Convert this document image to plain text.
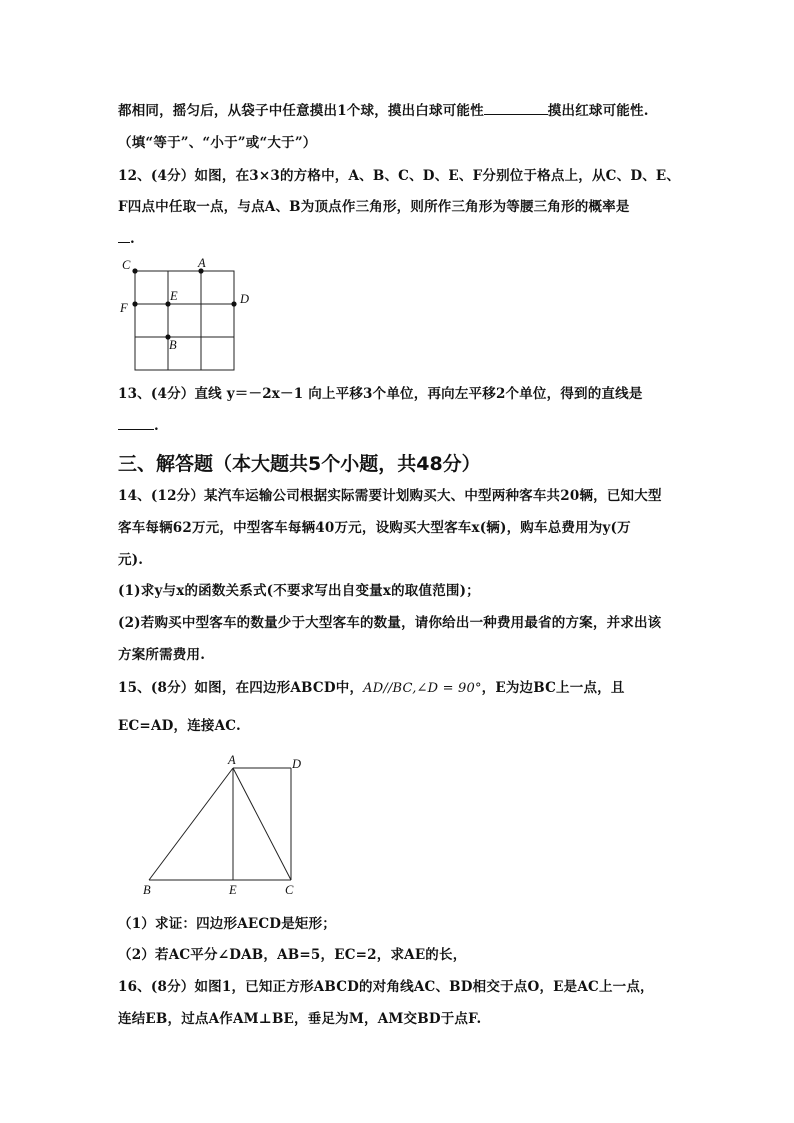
都相同，摇匀后，从袋子中任意摸出1个球，摸出白球可能性	摸出红球可能性.
（填“等于”、“小于”或“大于”）
12、(4分）如图，在3×3的方格中，A、B、C、D、E、F分别位于格点上，从C、D、E、
F四点中任取一点，与点A、B为顶点作三角形，则所作三角形为等腰三角形的概率是
.
C	A
F
E	D
B
13、(4分）直线 y＝－2x－1 向上平移3个单位，再向左平移2个单位，得到的直线是
.
三、解答题（本大题共5个小题，共48分）
14、(12分）某汽车运输公司根据实际需要计划购买大、中型两种客车共20辆，已知大型
客车每辆62万元，中型客车每辆40万元，设购买大型客车x(辆)，购车总费用为y(万
元).
(1)求y与x的函数关系式(不要求写出自变量x的取值范围)；
(2)若购买中型客车的数量少于大型客车的数量，请你给出一种费用最省的方案，并求出该
方案所需费用.
15、(8分）如图，在四边形ABCD中，AD//BC,∠D = 90°，E为边BC上一点，且
EC=AD，连接AC.
A	D
B	E	C
（1）求证：四边形AECD是矩形；
（2）若AC平分∠DAB，AB=5，EC=2，求AE的长，
16、(8分）如图1，已知正方形ABCD的对角线AC、BD相交于点O，E是AC上一点，
连结EB，过点A作AM⊥BE，垂足为M，AM交BD于点F.
